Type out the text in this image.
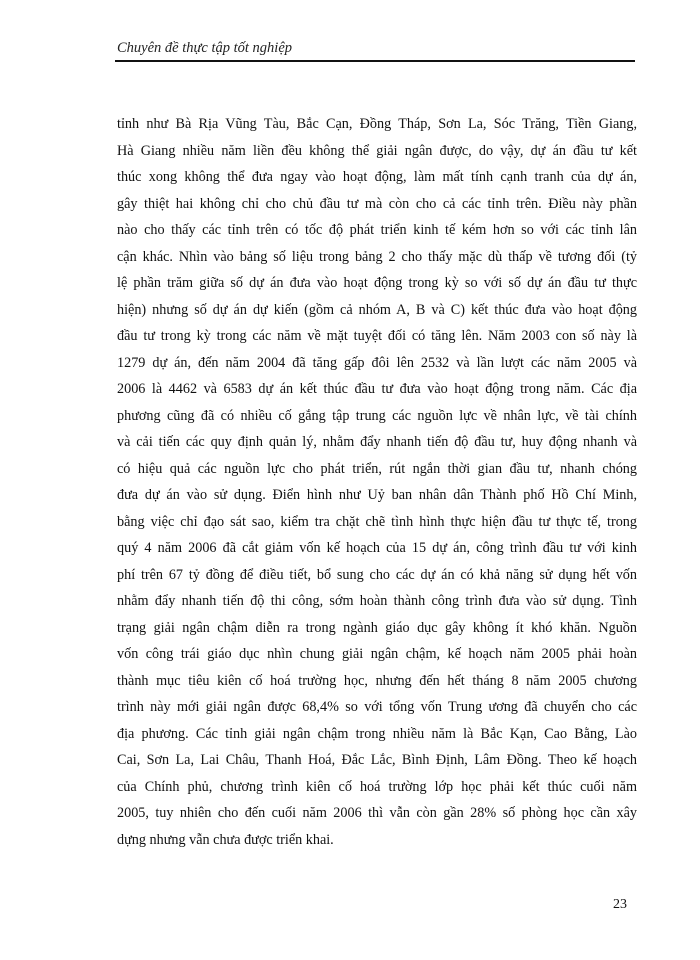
Chuyên đề thực tập tốt nghiệp
tỉnh như Bà Rịa Vũng Tàu, Bắc Cạn, Đồng Tháp, Sơn La, Sóc Trăng, Tiền Giang,
Hà Giang nhiều năm liền đều không thể giải ngân được, do vậy, dự án đầu tư kết
thúc xong không thể đưa ngay vào hoạt động, làm mất tính cạnh tranh của dự án,
gây thiệt hai không chỉ cho chủ đầu tư mà còn cho cả các tỉnh trên. Điều này phần
nào cho thấy các tỉnh trên có tốc độ phát triển kinh tế kém hơn so với các tỉnh lân
cận khác. Nhìn vào bảng số liệu trong bảng 2 cho thấy mặc dù thấp về tương đối (tỷ
lệ phần trăm giữa số dự án đưa vào hoạt động trong kỳ so với số dự án đầu tư thực
hiện) nhưng số dự án dự kiến (gồm cả nhóm A, B và C) kết thúc đưa vào hoạt động
đầu tư trong kỳ trong các năm về mặt tuyệt đối có tăng lên. Năm 2003 con số này là
1279 dự án, đến năm 2004 đã tăng gấp đôi lên 2532 và lần lượt các năm 2005 và
2006 là 4462 và 6583 dự án kết thúc đầu tư đưa vào hoạt động trong năm. Các địa
phương cũng đã có nhiều cố gắng tập trung các nguồn lực về nhân lực, về tài chính
và cải tiến các quy định quản lý, nhằm đẩy nhanh tiến độ đầu tư, huy động nhanh và
có hiệu quả các nguồn lực cho phát triển, rút ngắn thời gian đầu tư, nhanh chóng
đưa dự án vào sử dụng. Điển hình như Uỷ ban nhân dân Thành phố Hồ Chí Minh,
bằng việc chỉ đạo sát sao, kiểm tra chặt chẽ tình hình thực hiện đầu tư thực tế, trong
quý 4 năm 2006 đã cắt giảm vốn kế hoạch của 15 dự án, công trình đầu tư với kinh
phí trên 67 tỷ đồng để điều tiết, bổ sung cho các dự án có khả năng sử dụng hết vốn
nhằm đẩy nhanh tiến độ thi công, sớm hoàn thành công trình đưa vào sử dụng. Tình
trạng giải ngân chậm diễn ra trong ngành giáo dục gây không ít khó khăn. Nguồn
vốn công trái giáo dục nhìn chung giải ngân chậm, kế hoạch năm 2005 phải hoàn
thành mục tiêu kiên cố hoá trường học, nhưng đến hết tháng 8 năm 2005 chương
trình này mới giải ngân được 68,4% so với tổng vốn Trung ương đã chuyển cho các
địa phương. Các tỉnh giải ngân chậm trong nhiều năm là Bắc Kạn, Cao Bằng, Lào
Cai, Sơn La, Lai Châu, Thanh Hoá, Đắc Lắc, Bình Định, Lâm Đồng. Theo kế hoạch
của Chính phủ, chương trình kiên cố hoá trường lớp học phải kết thúc cuối năm
2005, tuy nhiên cho đến cuối năm 2006 thì vẫn còn gần 28% số phòng học cần xây
dựng nhưng vẫn chưa được triển khai.
23
